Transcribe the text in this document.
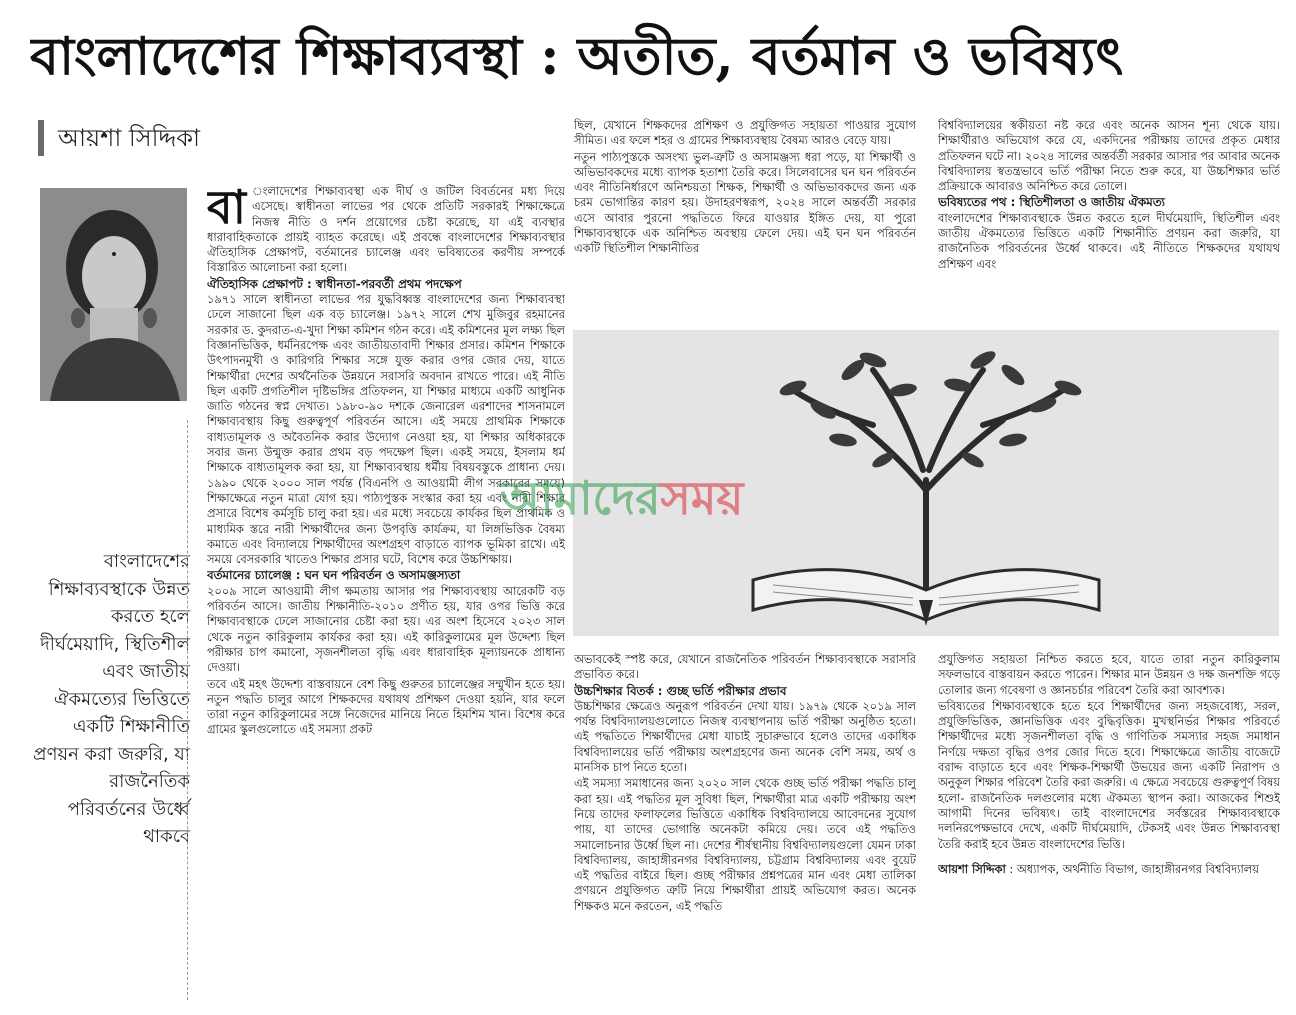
বাংলাদেশের শিক্ষাব্যবস্থা : অতীত, বর্তমান ও ভবিষ্যৎ
আয়শা সিদ্দিকা
বাংলাদেশের শিক্ষাব্যবস্থাকে উন্নত করতে হলে দীর্ঘমেয়াদি, স্থিতিশীল এবং জাতীয় ঐকমত্যের ভিত্তিতে একটি শিক্ষানীতি প্রণয়ন করা জরুরি, যা রাজনৈতিক পরিবর্তনের উর্ধ্বে থাকবে

বা ংলাদেশের শিক্ষাব্যবস্থা এক দীর্ঘ ও জটিল বিবর্তনের মধ্য দিয়ে এসেছে। স্বাধীনতা লাভের পর থেকে প্রতিটি সরকারই শিক্ষাক্ষেত্রে নিজস্ব নীতি ও দর্শন প্রয়োগের চেষ্টা করেছে, যা এই ব্যবস্থার ধারাবাহিকতাকে প্রায়ই ব্যাহত করেছে। এই প্রবন্ধে বাংলাদেশের শিক্ষাব্যবস্থার ঐতিহাসিক প্রেক্ষাপট, বর্তমানের চ্যালেঞ্জ এবং ভবিষ্যতের করণীয় সম্পর্কে বিস্তারিত আলোচনা করা হলো।

ঐতিহাসিক প্রেক্ষাপট : স্বাধীনতা-পরবর্তী প্রথম পদক্ষেপ

১৯৭১ সালে স্বাধীনতা লাভের পর যুদ্ধবিধ্বস্ত বাংলাদেশের জন্য শিক্ষাব্যবস্থা ঢেলে সাজানো ছিল এক বড় চ্যালেঞ্জ। ১৯৭২ সালে শেখ মুজিবুর রহমানের সরকার ড. কুদরাত-এ-খুদা শিক্ষা কমিশন গঠন করে। এই কমিশনের মূল লক্ষ্য ছিল বিজ্ঞানভিত্তিক, ধর্মনিরপেক্ষ এবং জাতীয়তাবাদী শিক্ষার প্রসার। কমিশন শিক্ষাকে উৎপাদনমুখী ও কারিগরি শিক্ষার সঙ্গে যুক্ত করার ওপর জোর দেয়, যাতে শিক্ষার্থীরা দেশের অর্থনৈতিক উন্নয়নে সরাসরি অবদান রাখতে পারে। এই নীতি ছিল একটি প্রগতিশীল দৃষ্টিভঙ্গির প্রতিফলন, যা শিক্ষার মাধ্যমে একটি আধুনিক জাতি গঠনের স্বপ্ন দেখাত। ১৯৮০-৯০ দশকে জেনারেল এরশাদের শাসনামলে শিক্ষাব্যবস্থায় কিছু গুরুত্বপূর্ণ পরিবর্তন আসে। এই সময়ে প্রাথমিক শিক্ষাকে বাধ্যতামূলক ও অবৈতনিক করার উদ্যোগ নেওয়া হয়, যা শিক্ষার অধিকারকে সবার জন্য উন্মুক্ত করার প্রথম বড় পদক্ষেপ ছিল। একই সময়ে, ইসলাম ধর্ম শিক্ষাকে বাধ্যতামূলক করা হয়, যা শিক্ষাব্যবস্থায় ধর্মীয় বিষয়বস্তুকে প্রাধান্য দেয়। ১৯৯০ থেকে ২০০০ সাল পর্যন্ত (বিএনপি ও আওয়ামী লীগ সরকারের সময়ে) শিক্ষাক্ষেত্রে নতুন মাত্রা যোগ হয়। পাঠ্যপুস্তক সংস্কার করা হয় এবং নারী শিক্ষার প্রসারে বিশেষ কর্মসূচি চালু করা হয়। এর মধ্যে সবচেয়ে কার্যকর ছিল প্রাথমিক ও মাধ্যমিক স্তরে নারী শিক্ষার্থীদের জন্য উপবৃত্তি কার্যক্রম, যা লিঙ্গভিত্তিক বৈষম্য কমাতে এবং বিদ্যালয়ে শিক্ষার্থীদের অংশগ্রহণ বাড়াতে ব্যাপক ভূমিকা রাখে। এই সময়ে বেসরকারি খাতেও শিক্ষার প্রসার ঘটে, বিশেষ করে উচ্চশিক্ষায়।

বর্তমানের চ্যালেঞ্জ : ঘন ঘন পরিবর্তন ও অসামঞ্জস্যতা

২০০৯ সালে আওয়ামী লীগ ক্ষমতায় আসার পর শিক্ষাব্যবস্থায় আরেকটি বড় পরিবর্তন আসে। জাতীয় শিক্ষানীতি-২০১০ প্রণীত হয়, যার ওপর ভিত্তি করে শিক্ষাব্যবস্থাকে ঢেলে সাজানোর চেষ্টা করা হয়। এর অংশ হিসেবে ২০২৩ সাল থেকে নতুন কারিকুলাম কার্যকর করা হয়। এই কারিকুলামের মূল উদ্দেশ্য ছিল পরীক্ষার চাপ কমানো, সৃজনশীলতা বৃদ্ধি এবং ধারাবাহিক মূল্যায়নকে প্রাধান্য দেওয়া।

তবে এই মহৎ উদ্দেশ্য বাস্তবায়নে বেশ কিছু গুরুতর চ্যালেঞ্জের সম্মুখীন হতে হয়। নতুন পদ্ধতি চালুর আগে শিক্ষকদের যথাযথ প্রশিক্ষণ দেওয়া হয়নি, যার ফলে তারা নতুন কারিকুলামের সঙ্গে নিজেদের মানিয়ে নিতে হিমশিম খান। বিশেষ করে গ্রামের স্কুলগুলোতে এই সমস্যা প্রকট

ছিল, যেখানে শিক্ষকদের প্রশিক্ষণ ও প্রযুক্তিগত সহায়তা পাওয়ার সুযোগ সীমিত। এর ফলে শহর ও গ্রামের শিক্ষাব্যবস্থায় বৈষম্য আরও বেড়ে যায়।

নতুন পাঠ্যপুস্তকে অসংখ্য ভুল-ত্রুটি ও অসামঞ্জস্য ধরা পড়ে, যা শিক্ষার্থী ও অভিভাবকদের মধ্যে ব্যাপক হতাশা তৈরি করে। সিলেবাসের ঘন ঘন পরিবর্তন এবং নীতিনির্ধারণে অনিশ্চয়তা শিক্ষক, শিক্ষার্থী ও অভিভাবকদের জন্য এক চরম ভোগান্তির কারণ হয়। উদাহরণস্বরূপ, ২০২৪ সালে অন্তর্বর্তী সরকার এসে আবার পুরনো পদ্ধতিতে ফিরে যাওয়ার ইঙ্গিত দেয়, যা পুরো শিক্ষাব্যবস্থাকে এক অনিশ্চিত অবস্থায় ফেলে দেয়। এই ঘন ঘন পরিবর্তন একটি স্থিতিশীল শিক্ষানীতির

বিশ্ববিদ্যালয়ের স্বকীয়তা নষ্ট করে এবং অনেক আসন শূন্য থেকে যায়। শিক্ষার্থীরাও অভিযোগ করে যে, একদিনের পরীক্ষায় তাদের প্রকৃত মেধার প্রতিফলন ঘটে না। ২০২৪ সালের অন্তর্বর্তী সরকার আসার পর আবার অনেক বিশ্ববিদ্যালয় স্বতন্ত্রভাবে ভর্তি পরীক্ষা নিতে শুরু করে, যা উচ্চশিক্ষার ভর্তি প্রক্রিয়াকে আবারও অনিশ্চিত করে তোলে।

ভবিষ্যতের পথ : স্থিতিশীলতা ও জাতীয় ঐকমত্য

বাংলাদেশের শিক্ষাব্যবস্থাকে উন্নত করতে হলে দীর্ঘমেয়াদি, স্থিতিশীল এবং জাতীয় ঐকমত্যের ভিত্তিতে একটি শিক্ষানীতি প্রণয়ন করা জরুরি, যা রাজনৈতিক পরিবর্তনের উর্ধ্বে থাকবে। এই নীতিতে শিক্ষকদের যথাযথ প্রশিক্ষণ এবং

আমাদেরসময়

অভাবকেই স্পষ্ট করে, যেখানে রাজনৈতিক পরিবর্তন শিক্ষাব্যবস্থাকে সরাসরি প্রভাবিত করে।

উচ্চশিক্ষার বিতর্ক : গুচ্ছ ভর্তি পরীক্ষার প্রভাব

উচ্চশিক্ষার ক্ষেত্রেও অনুরূপ পরিবর্তন দেখা যায়। ১৯৭৯ থেকে ২০১৯ সাল পর্যন্ত বিশ্ববিদ্যালয়গুলোতে নিজস্ব ব্যবস্থাপনায় ভর্তি পরীক্ষা অনুষ্ঠিত হতো। এই পদ্ধতিতে শিক্ষার্থীদের মেধা যাচাই সুচারুভাবে হলেও তাদের একাধিক বিশ্ববিদ্যালয়ের ভর্তি পরীক্ষায় অংশগ্রহণের জন্য অনেক বেশি সময়, অর্থ ও মানসিক চাপ নিতে হতো।

এই সমস্যা সমাধানের জন্য ২০২০ সাল থেকে গুচ্ছ ভর্তি পরীক্ষা পদ্ধতি চালু করা হয়। এই পদ্ধতির মূল সুবিধা ছিল, শিক্ষার্থীরা মাত্র একটি পরীক্ষায় অংশ নিয়ে তাদের ফলাফলের ভিত্তিতে একাধিক বিশ্ববিদ্যালয়ে আবেদনের সুযোগ পায়, যা তাদের ভোগান্তি অনেকটা কমিয়ে দেয়। তবে এই পদ্ধতিও সমালোচনার উর্ধ্বে ছিল না। দেশের শীর্ষস্থানীয় বিশ্ববিদ্যালয়গুলো যেমন ঢাকা বিশ্ববিদ্যালয়, জাহাঙ্গীরনগর বিশ্ববিদ্যালয়, চট্টগ্রাম বিশ্ববিদ্যালয় এবং বুয়েট এই পদ্ধতির বাইরে ছিল। গুচ্ছ পরীক্ষার প্রশ্নপত্রের মান এবং মেধা তালিকা প্রণয়নে প্রযুক্তিগত ত্রুটি নিয়ে শিক্ষার্থীরা প্রায়ই অভিযোগ করত। অনেক শিক্ষকও মনে করতেন, এই পদ্ধতি

প্রযুক্তিগত সহায়তা নিশ্চিত করতে হবে, যাতে তারা নতুন কারিকুলাম সফলভাবে বাস্তবায়ন করতে পারেন। শিক্ষার মান উন্নয়ন ও দক্ষ জনশক্তি গড়ে তোলার জন্য গবেষণা ও জ্ঞানচর্চার পরিবেশ তৈরি করা আবশ্যক।

ভবিষ্যতের শিক্ষাব্যবস্থাকে হতে হবে শিক্ষার্থীদের জন্য সহজবোধ্য, সরল, প্রযুক্তিভিত্তিক, জ্ঞানভিত্তিক এবং বুদ্ধিবৃত্তিক। মুখস্থনির্ভর শিক্ষার পরিবর্তে শিক্ষার্থীদের মধ্যে সৃজনশীলতা বৃদ্ধি ও গাণিতিক সমস্যার সহজ সমাধান নির্ণয়ে দক্ষতা বৃদ্ধির ওপর জোর দিতে হবে। শিক্ষাক্ষেত্রে জাতীয় বাজেটে বরাদ্দ বাড়াতে হবে এবং শিক্ষক-শিক্ষার্থী উভয়ের জন্য একটি নিরাপদ ও অনুকূল শিক্ষার পরিবেশ তৈরি করা জরুরি। এ ক্ষেত্রে সবচেয়ে গুরুত্বপূর্ণ বিষয় হলো- রাজনৈতিক দলগুলোর মধ্যে ঐকমত্য স্থাপন করা। আজকের শিশুই আগামী দিনের ভবিষ্যৎ। তাই বাংলাদেশের সর্বস্তরের শিক্ষাব্যবস্থাকে দলনিরপেক্ষভাবে দেখে, একটি দীর্ঘমেয়াদি, টেকসই এবং উন্নত শিক্ষাব্যবস্থা তৈরি করাই হবে উন্নত বাংলাদেশের ভিত্তি।

আয়শা সিদ্দিকা : অধ্যাপক, অর্থনীতি বিভাগ, জাহাঙ্গীরনগর বিশ্ববিদ্যালয়
